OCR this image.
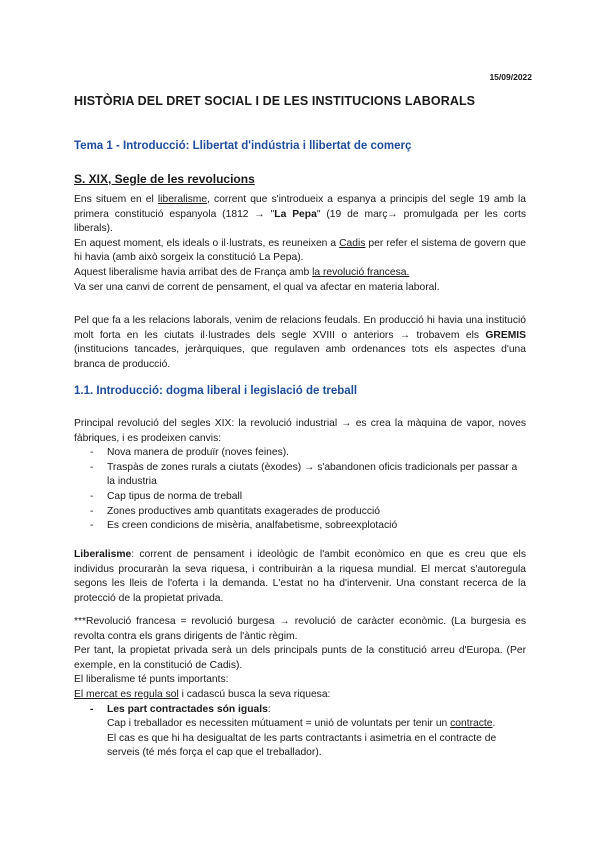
15/09/2022
HISTÒRIA DEL DRET SOCIAL I DE LES INSTITUCIONS LABORALS
Tema 1 - Introducció: Llibertat d'indústria i llibertat de comerç
S. XIX, Segle de les revolucions

Ens situem en el liberalisme, corrent que s'introdueix a espanya a principis del segle 19 amb la primera constitució espanyola (1812 → "La Pepa" (19 de març→ promulgada per les corts liberals).

En aquest moment, els ideals o il·lustrats, es reuneixen a Cadis per refer el sistema de govern que hi havia (amb això sorgeix la constitució La Pepa).

Aquest liberalisme havia arribat des de França amb la revolució francesa.

Va ser una canvi de corrent de pensament, el qual va afectar en materia laboral.

Pel que fa a les relacions laborals, venim de relacions feudals. En producció hi havia una institució molt forta en les ciutats il·lustrades dels segle XVIII o anteriors → trobavem els GREMIS (institucions tancades, jeràrquiques, que regulaven amb ordenances tots els aspectes d'una branca de producció.

1.1. Introducció: dogma liberal i legislació de treball

Principal revolució del segles XIX: la revolució industrial → es crea la màquina de vapor, noves fàbriques, i es prodeixen canvis:

- Nova manera de produïr (noves feines).
- Traspàs de zones rurals a ciutats (èxodes) → s'abandonen oficis tradicionals per passar a la industria
- Cap tipus de norma de treball
- Zones productives amb quantitats exagerades de producció
- Es creen condicions de misèria, analfabetisme, sobreexplotació

Liberalisme: corrent de pensament i ideològic de l'ambit econòmico en que es creu que els individus procuraràn la seva riquesa, i contribuiràn a la riquesa mundial. El mercat s'autoregula segons les lleis de l'oferta i la demanda. L'estat no ha d'intervenir. Una constant recerca de la protecció de la propietat privada.

***Revolució francesa = revolució burgesa → revolució de caràcter econòmic. (La burgesia es revolta contra els grans dirigents de l'àntic règim.

Per tant, la propietat privada serà un dels principals punts de la constitució arreu d'Europa. (Per exemple, en la constitució de Cadis).

El liberalisme té punts importants:

El mercat es regula sol i cadascú busca la seva riquesa:

- Les part contractades són iguals:
Cap i treballador es necessiten mútuament = unió de voluntats per tenir un contracte.
El cas es que hi ha desigualtat de les parts contractants i asimetria en el contracte de serveis (té més força el cap que el treballador).
